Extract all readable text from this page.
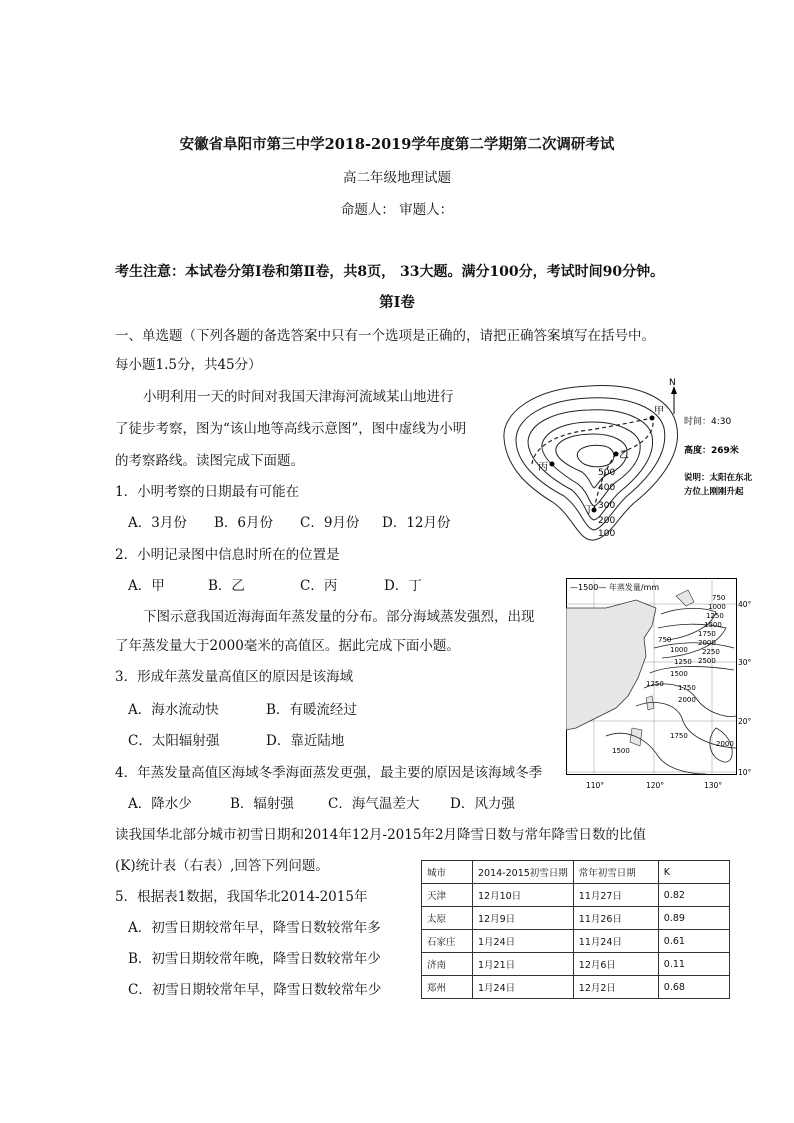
安徽省阜阳市第三中学2018-2019学年度第二学期第二次调研考试
高二年级地理试题
命题人： 审题人：
考生注意：本试卷分第Ⅰ卷和第Ⅱ卷，共8页， 33大题。满分100分，考试时间90分钟。
第Ⅰ卷
一、单选题（下列各题的备选答案中只有一个选项是正确的，请把正确答案填写在括号中。
每小题1.5分，共45分）
小明利用一天的时间对我国天津海河流域某山地进行
了徒步考察，图为“该山地等高线示意图”，图中虚线为小明
的考察路线。读图完成下面题。
1．小明考察的日期最有可能在
A．3月份 B．6月份 C．9月份 D．12月份
2．小明记录图中信息时所在的位置是
A．甲	B．乙	C．丙	D．丁
下图示意我国近海海面年蒸发量的分布。部分海域蒸发强烈，出现
了年蒸发量大于2000毫米的高值区。据此完成下面小题。
3．形成年蒸发量高值区的原因是该海域
A．海水流动快	B．有暖流经过
C．太阳辐射强	D．靠近陆地
4．年蒸发量高值区海域冬季海面蒸发更强，最主要的原因是该海域冬季
A．降水少	B．辐射强	C．海气温差大 D．风力强
读我国华北部分城市初雪日期和2014年12月-2015年2月降雪日数与常年降雪日数的比值
(K)统计表（右表）,回答下列问题。
5．根据表1数据，我国华北2014-2015年
A．初雪日期较常年早，降雪日数较常年多
B．初雪日期较常年晚，降雪日数较常年少
C．初雪日期较常年早，降雪日数较常年少
甲
乙
丙
丁
100
200
300
400
500
N
时间：4:30
高度：269米
说明：太阳在东北
方位上刚刚升起
—1500— 年蒸发量/mm
750
1000
1250
1500
1750
2000
2250
2500
750
1000
1250
1500
1750
2000
1250
1500
1750
2000
40°
30°
20°
10°
110°	120°	130°
城市	2014-2015初雪日期	常年初雪日期	K
天津	12月10日	11月27日	0.82
太原	12月9日	11月26日	0.89
石家庄	1月24日	11月24日	0.61
济南	1月21日	12月6日	0.11
郑州	1月24日	12月2日	0.68
